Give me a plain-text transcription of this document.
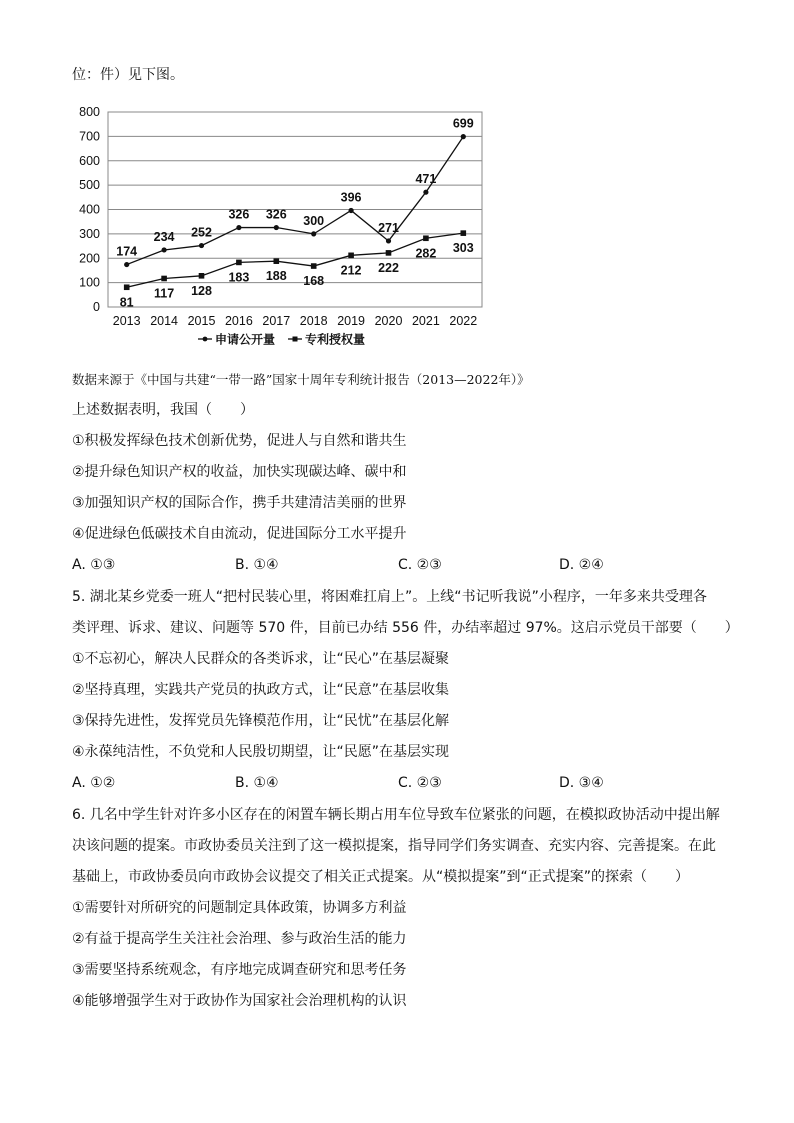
位：件）见下图。
0
100
200
300
400
500
600
700
800
2013 2014 2015 2016 2017 2018 2019 2020 2021 2022
174
234 252
326 326 300
396
271
471
699
81
117 128
183 188 168
212 222
282 303
申请公开量 专利授权量
数据来源于《中国与共建“一带一路”国家十周年专利统计报告（2013—2022年）》
上述数据表明，我国（　　）
①积极发挥绿色技术创新优势，促进人与自然和谐共生
②提升绿色知识产权的收益，加快实现碳达峰、碳中和
③加强知识产权的国际合作，携手共建清洁美丽的世界
④促进绿色低碳技术自由流动，促进国际分工水平提升
A. ①③	B. ①④	C. ②③	D. ②④
5. 湖北某乡党委一班人“把村民装心里，将困难扛肩上”。上线“书记听我说”小程序，一年多来共受理各
类评理、诉求、建议、问题等 570 件，目前已办结 556 件，办结率超过 97%。这启示党员干部要（　　）
①不忘初心，解决人民群众的各类诉求，让“民心”在基层凝聚
②坚持真理，实践共产党员的执政方式，让“民意”在基层收集
③保持先进性，发挥党员先锋模范作用，让“民忧”在基层化解
④永葆纯洁性，不负党和人民殷切期望，让“民愿”在基层实现
A. ①②	B. ①④	C. ②③	D. ③④
6. 几名中学生针对许多小区存在的闲置车辆长期占用车位导致车位紧张的问题，在模拟政协活动中提出解
决该问题的提案。市政协委员关注到了这一模拟提案，指导同学们务实调查、充实内容、完善提案。在此
基础上，市政协委员向市政协会议提交了相关正式提案。从“模拟提案”到“正式提案”的探索（　　）
①需要针对所研究的问题制定具体政策，协调多方利益
②有益于提高学生关注社会治理、参与政治生活的能力
③需要坚持系统观念，有序地完成调查研究和思考任务
④能够增强学生对于政协作为国家社会治理机构的认识
